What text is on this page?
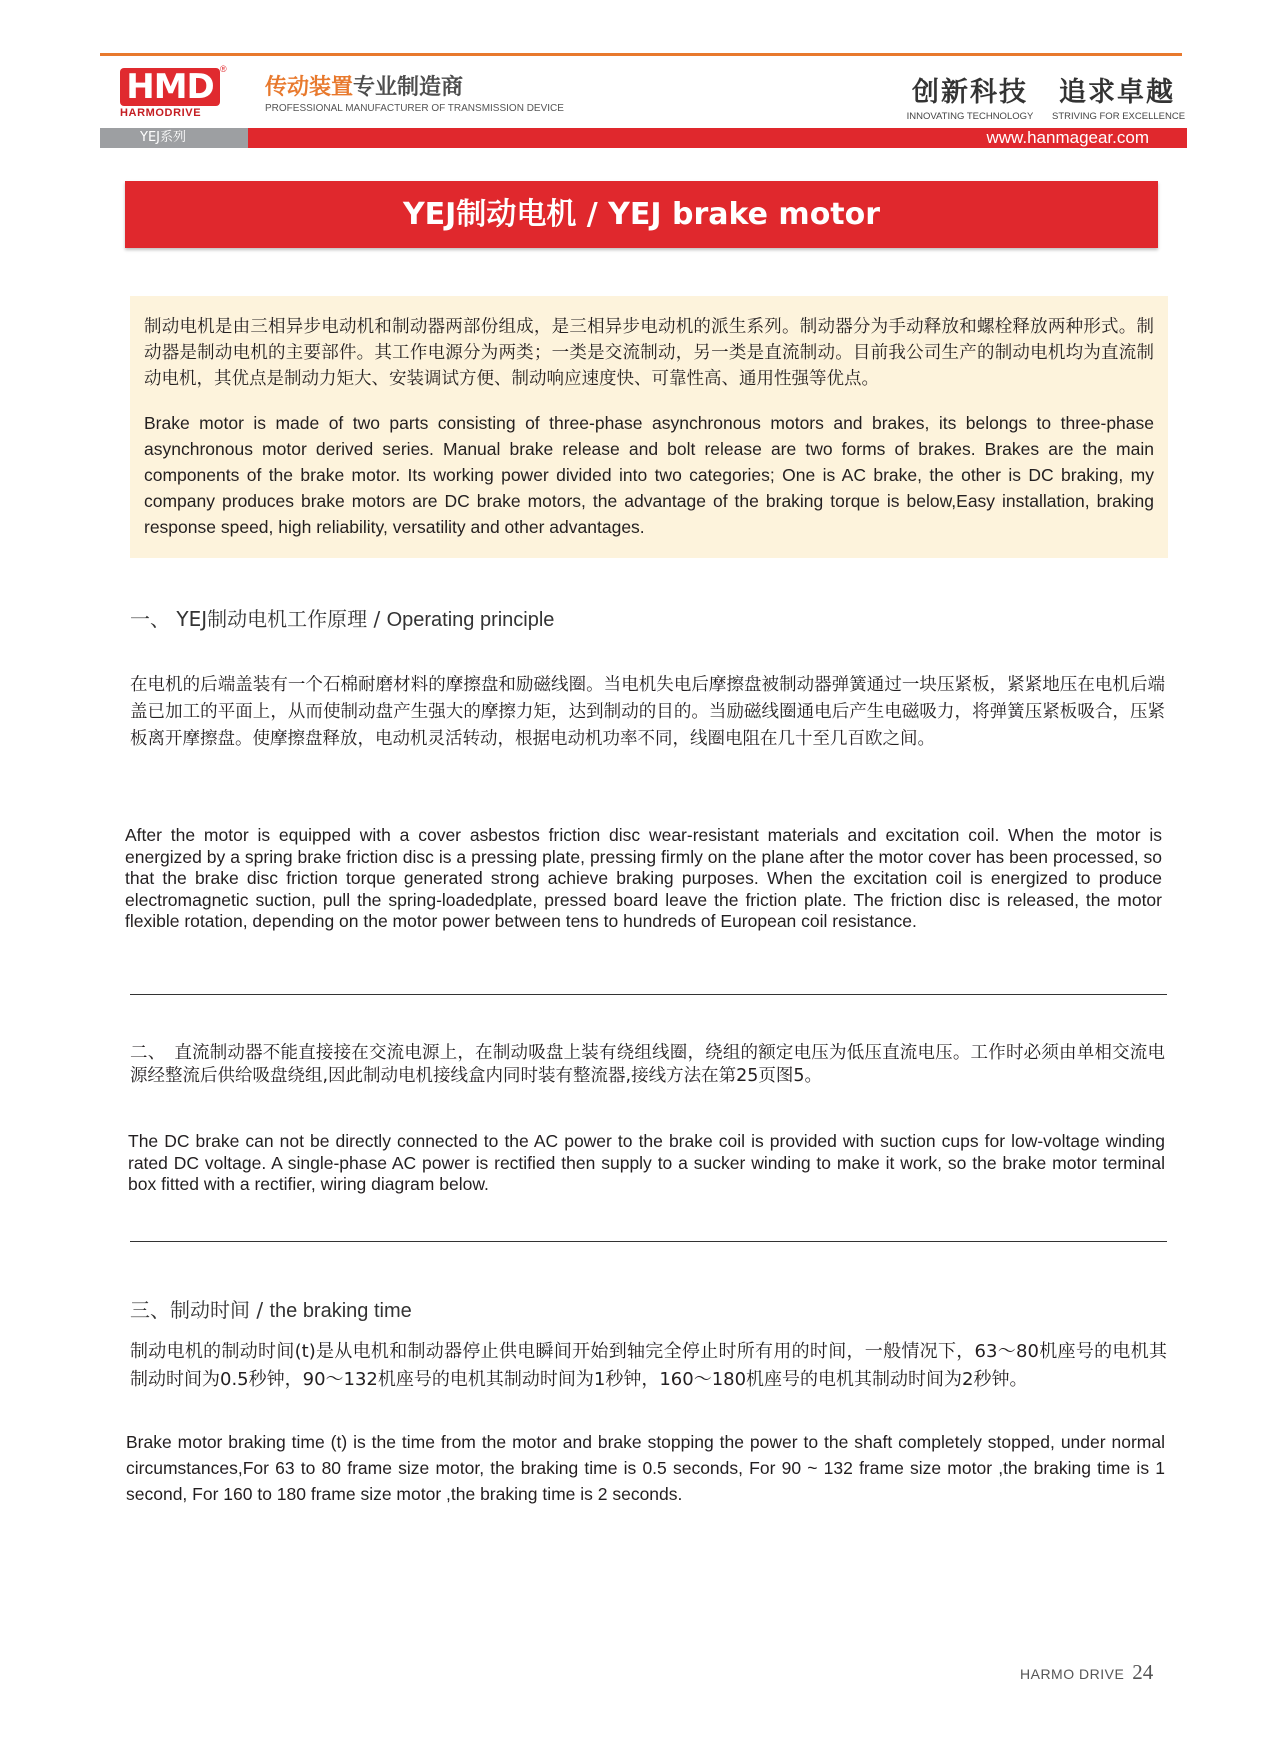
HMD ®
HARMODRIVE
传动装置专业制造商
PROFESSIONAL MANUFACTURER OF TRANSMISSION DEVICE
创新科技
INNOVATING TECHNOLOGY
追求卓越
STRIVING FOR EXCELLENCE
YEJ系列	www.hanmagear.com
YEJ制动电机 / YEJ brake motor
制动电机是由三相异步电动机和制动器两部份组成，是三相异步电动机的派生系列。制动器分为手动释放和螺栓释放两种形式。制动器是制动电机的主要部件。其工作电源分为两类；一类是交流制动，另一类是直流制动。目前我公司生产的制动电机均为直流制动电机，其优点是制动力矩大、安装调试方便、制动响应速度快、可靠性高、通用性强等优点。
Brake motor is made of two parts consisting of three-phase asynchronous motors and brakes, its belongs to three-phase asynchronous motor derived series. Manual brake release and bolt release are two forms of brakes. Brakes are the main components of the brake motor. Its working power divided into two categories; One is AC brake, the other is DC braking, my company produces brake motors are DC brake motors, the advantage of the braking torque is below,Easy installation, braking response speed, high reliability, versatility and other advantages.
一、 YEJ制动电机工作原理 / Operating principle
在电机的后端盖装有一个石棉耐磨材料的摩擦盘和励磁线圈。当电机失电后摩擦盘被制动器弹簧通过一块压紧板，紧紧地压在电机后端盖已加工的平面上，从而使制动盘产生强大的摩擦力矩，达到制动的目的。当励磁线圈通电后产生电磁吸力，将弹簧压紧板吸合，压紧板离开摩擦盘。使摩擦盘释放，电动机灵活转动，根据电动机功率不同，线圈电阻在几十至几百欧之间。
After the motor is equipped with a cover asbestos friction disc wear-resistant materials and excitation coil. When the motor is energized by a spring brake friction disc is a pressing plate, pressing firmly on the plane after the motor cover has been processed, so that the brake disc friction torque generated strong achieve braking purposes. When the excitation coil is energized to produce electromagnetic suction, pull the spring-loadedplate, pressed board leave the friction plate. The friction disc is released, the motor flexible rotation, depending on the motor power between tens to hundreds of European coil resistance.
二、　直流制动器不能直接接在交流电源上，在制动吸盘上装有绕组线圈，绕组的额定电压为低压直流电压。工作时必须由单相交流电源经整流后供给吸盘绕组,因此制动电机接线盒内同时装有整流器,接线方法在第25页图5。
The DC brake can not be directly connected to the AC power to the brake coil is provided with suction cups for low-voltage winding rated DC voltage. A single-phase AC power is rectified then supply to a sucker winding to make it work, so the brake motor terminal box fitted with a rectifier, wiring diagram below.
三、制动时间 / the braking time
制动电机的制动时间(t)是从电机和制动器停止供电瞬间开始到轴完全停止时所有用的时间，一般情况下，63～80机座号的电机其制动时间为0.5秒钟，90～132机座号的电机其制动时间为1秒钟，160～180机座号的电机其制动时间为2秒钟。
Brake motor braking time (t) is the time from the motor and brake stopping the power to the shaft completely stopped, under normal circumstances,For 63 to 80 frame size motor, the braking time is 0.5 seconds, For 90 ~ 132 frame size motor ,the braking time is 1 second, For 160 to 180 frame size motor ,the braking time is 2 seconds.
HARMO DRIVE 24
